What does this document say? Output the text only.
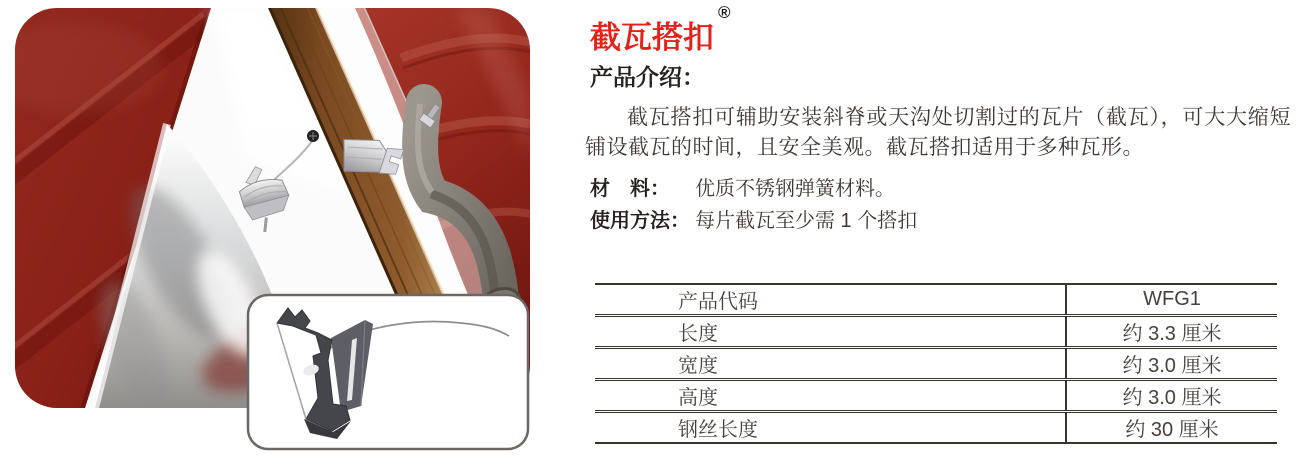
截瓦搭扣®
产品介绍：

截瓦搭扣可辅助安装斜脊或天沟处切割过的瓦片（截瓦），可大大缩短铺设截瓦的时间，且安全美观。截瓦搭扣适用于多种瓦形。

材　料：	优质不锈钢弹簧材料。

使用方法： 每片截瓦至少需 1 个搭扣

产品代码	WFG1
长度	约 3.3 厘米
宽度	约 3.0 厘米
高度	约 3.0 厘米
钢丝长度	约 30 厘米
